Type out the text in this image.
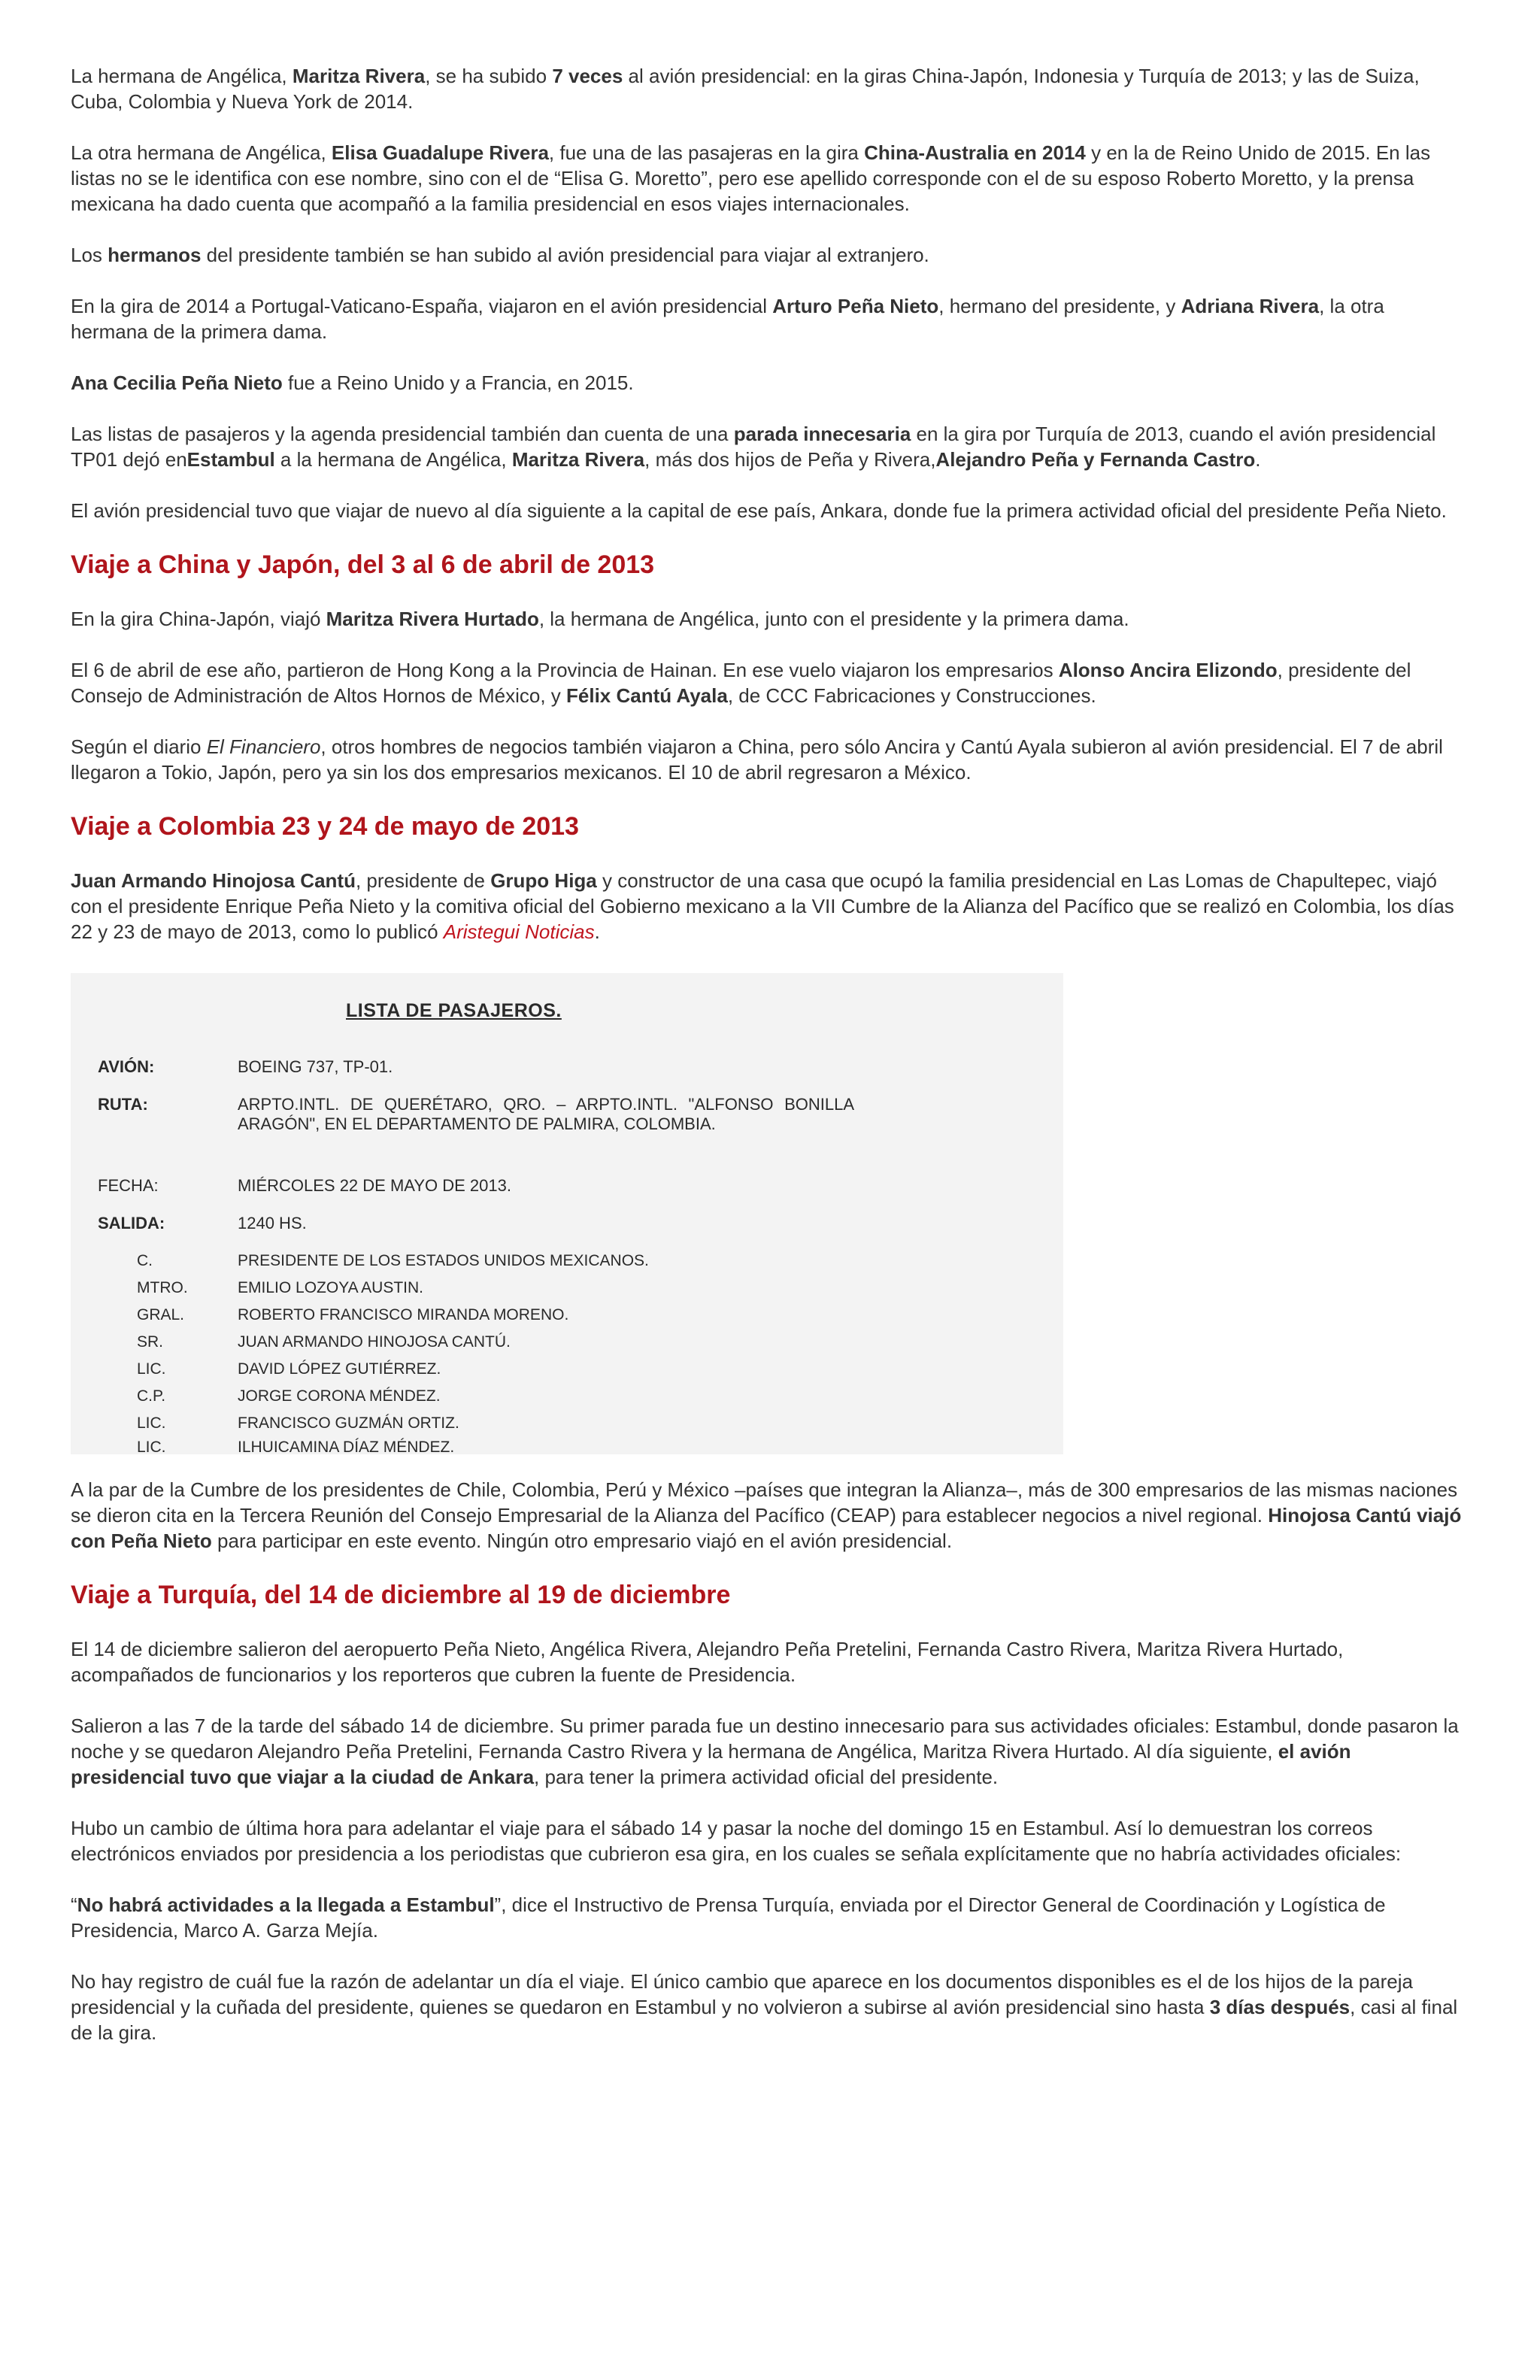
La hermana de Angélica, Maritza Rivera, se ha subido 7 veces al avión presidencial: en la giras China-Japón, Indonesia y Turquía de 2013; y las de Suiza, Cuba, Colombia y Nueva York de 2014.

La otra hermana de Angélica, Elisa Guadalupe Rivera, fue una de las pasajeras en la gira China-Australia en 2014 y en la de Reino Unido de 2015. En las listas no se le identifica con ese nombre, sino con el de “Elisa G. Moretto”, pero ese apellido corresponde con el de su esposo Roberto Moretto, y la prensa mexicana ha dado cuenta que acompañó a la familia presidencial en esos viajes internacionales.

Los hermanos del presidente también se han subido al avión presidencial para viajar al extranjero.

En la gira de 2014 a Portugal-Vaticano-España, viajaron en el avión presidencial Arturo Peña Nieto, hermano del presidente, y Adriana Rivera, la otra hermana de la primera dama.

Ana Cecilia Peña Nieto fue a Reino Unido y a Francia, en 2015.

Las listas de pasajeros y la agenda presidencial también dan cuenta de una parada innecesaria en la gira por Turquía de 2013, cuando el avión presidencial TP01 dejó enEstambul a la hermana de Angélica, Maritza Rivera, más dos hijos de Peña y Rivera,Alejandro Peña y Fernanda Castro.

El avión presidencial tuvo que viajar de nuevo al día siguiente a la capital de ese país, Ankara, donde fue la primera actividad oficial del presidente Peña Nieto.

Viaje a China y Japón, del 3 al 6 de abril de 2013

En la gira China-Japón, viajó Maritza Rivera Hurtado, la hermana de Angélica, junto con el presidente y la primera dama.

El 6 de abril de ese año, partieron de Hong Kong a la Provincia de Hainan. En ese vuelo viajaron los empresarios Alonso Ancira Elizondo, presidente del Consejo de Administración de Altos Hornos de México, y Félix Cantú Ayala, de CCC Fabricaciones y Construcciones.

Según el diario El Financiero, otros hombres de negocios también viajaron a China, pero sólo Ancira y Cantú Ayala subieron al avión presidencial. El 7 de abril llegaron a Tokio, Japón, pero ya sin los dos empresarios mexicanos. El 10 de abril regresaron a México.

Viaje a Colombia 23 y 24 de mayo de 2013

Juan Armando Hinojosa Cantú, presidente de Grupo Higa y constructor de una casa que ocupó la familia presidencial en Las Lomas de Chapultepec, viajó con el presidente Enrique Peña Nieto y la comitiva oficial del Gobierno mexicano a la VII Cumbre de la Alianza del Pacífico que se realizó en Colombia, los días 22 y 23 de mayo de 2013, como lo publicó Aristegui Noticias.

LISTA DE PASAJEROS.
AVIÓN:	BOEING 737, TP-01.
RUTA:	ARPTO.INTL. DE QUERÉTARO, QRO. – ARPTO.INTL. "ALFONSO BONILLA ARAGÓN", EN EL DEPARTAMENTO DE PALMIRA, COLOMBIA.
FECHA:	MIÉRCOLES 22 DE MAYO DE 2013.
SALIDA:	1240 HS.
C.	PRESIDENTE DE LOS ESTADOS UNIDOS MEXICANOS.
MTRO.	EMILIO LOZOYA AUSTIN.
GRAL.	ROBERTO FRANCISCO MIRANDA MORENO.
SR.	JUAN ARMANDO HINOJOSA CANTÚ.
LIC.	DAVID LÓPEZ GUTIÉRREZ.
C.P.	JORGE CORONA MÉNDEZ.
LIC.	FRANCISCO GUZMÁN ORTIZ.
LIC.	ILHUICAMINA DÍAZ MÉNDEZ.

A la par de la Cumbre de los presidentes de Chile, Colombia, Perú y México –países que integran la Alianza–, más de 300 empresarios de las mismas naciones se dieron cita en la Tercera Reunión del Consejo Empresarial de la Alianza del Pacífico (CEAP) para establecer negocios a nivel regional. Hinojosa Cantú viajó con Peña Nieto para participar en este evento. Ningún otro empresario viajó en el avión presidencial.

Viaje a Turquía, del 14 de diciembre al 19 de diciembre

El 14 de diciembre salieron del aeropuerto Peña Nieto, Angélica Rivera, Alejandro Peña Pretelini, Fernanda Castro Rivera, Maritza Rivera Hurtado, acompañados de funcionarios y los reporteros que cubren la fuente de Presidencia.

Salieron a las 7 de la tarde del sábado 14 de diciembre. Su primer parada fue un destino innecesario para sus actividades oficiales: Estambul, donde pasaron la noche y se quedaron Alejandro Peña Pretelini, Fernanda Castro Rivera y la hermana de Angélica, Maritza Rivera Hurtado. Al día siguiente, el avión presidencial tuvo que viajar a la ciudad de Ankara, para tener la primera actividad oficial del presidente.

Hubo un cambio de última hora para adelantar el viaje para el sábado 14 y pasar la noche del domingo 15 en Estambul. Así lo demuestran los correos electrónicos enviados por presidencia a los periodistas que cubrieron esa gira, en los cuales se señala explícitamente que no habría actividades oficiales:

“No habrá actividades a la llegada a Estambul”, dice el Instructivo de Prensa Turquía, enviada por el Director General de Coordinación y Logística de Presidencia, Marco A. Garza Mejía.

No hay registro de cuál fue la razón de adelantar un día el viaje. El único cambio que aparece en los documentos disponibles es el de los hijos de la pareja presidencial y la cuñada del presidente, quienes se quedaron en Estambul y no volvieron a subirse al avión presidencial sino hasta 3 días después, casi al final de la gira.
